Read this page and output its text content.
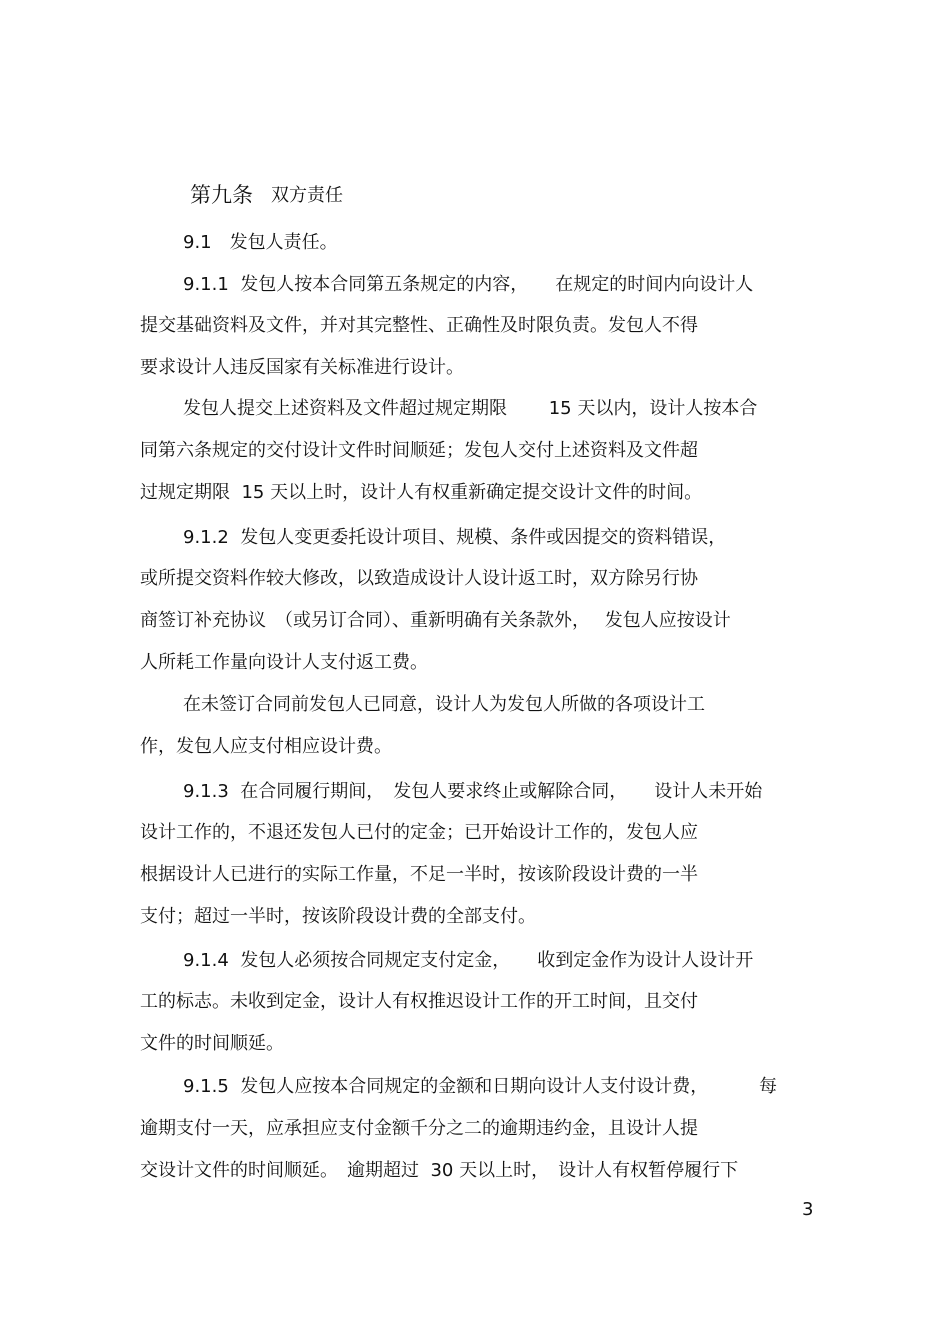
第九条 双方责任
9.1　发包人责任。
9.1.1  发包人按本合同第五条规定的内容，　　在规定的时间内向设计人
提交基础资料及文件，并对其完整性、正确性及时限负责。发包人不得
要求设计人违反国家有关标准进行设计。
发包人提交上述资料及文件超过规定期限　　 15 天以内，设计人按本合
同第六条规定的交付设计文件时间顺延；发包人交付上述资料及文件超
过规定期限  15 天以上时，设计人有权重新确定提交设计文件的时间。
9.1.2  发包人变更委托设计项目、规模、条件或因提交的资料错误，
或所提交资料作较大修改，以致造成设计人设计返工时，双方除另行协
商签订补充协议　（或另订合同）、重新明确有关条款外，　 发包人应按设计
人所耗工作量向设计人支付返工费。
在未签订合同前发包人已同意，设计人为发包人所做的各项设计工
作，发包人应支付相应设计费。
9.1.3  在合同履行期间，　发包人要求终止或解除合同，　　设计人未开始
设计工作的，不退还发包人已付的定金；已开始设计工作的，发包人应
根据设计人已进行的实际工作量，不足一半时，按该阶段设计费的一半
支付；超过一半时，按该阶段设计费的全部支付。
9.1.4  发包人必须按合同规定支付定金，　　收到定金作为设计人设计开
工的标志。未收到定金，设计人有权推迟设计工作的开工时间，且交付
文件的时间顺延。
9.1.5  发包人应按本合同规定的金额和日期向设计人支付设计费，　　　 每
逾期支付一天，应承担应支付金额千分之二的逾期违约金，且设计人提
交设计文件的时间顺延。　逾期超过  30 天以上时，　设计人有权暂停履行下
3
